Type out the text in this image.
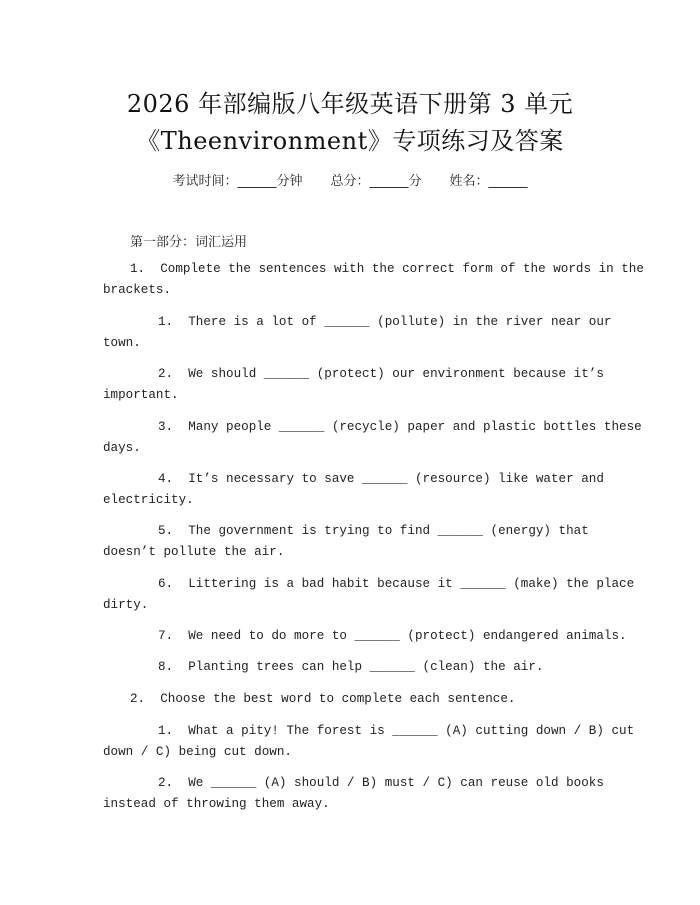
2026 年部编版八年级英语下册第 3 单元
《Theenvironment》专项练习及答案
考试时间：______分钟 总分：______分 姓名：______
第一部分：词汇运用
1.  Complete the sentences with the correct form of the words in the
brackets.
1.  There is a lot of ______ (pollute) in the river near our
town.
2.  We should ______ (protect) our environment because it’s
important.
3.  Many people ______ (recycle) paper and plastic bottles these
days.
4.  It’s necessary to save ______ (resource) like water and
electricity.
5.  The government is trying to find ______ (energy) that
doesn’t pollute the air.
6.  Littering is a bad habit because it ______ (make) the place
dirty.
7.  We need to do more to ______ (protect) endangered animals.
8.  Planting trees can help ______ (clean) the air.
2.  Choose the best word to complete each sentence.
1.  What a pity! The forest is ______ (A) cutting down / B) cut
down / C) being cut down.
2.  We ______ (A) should / B) must / C) can reuse old books
instead of throwing them away.
